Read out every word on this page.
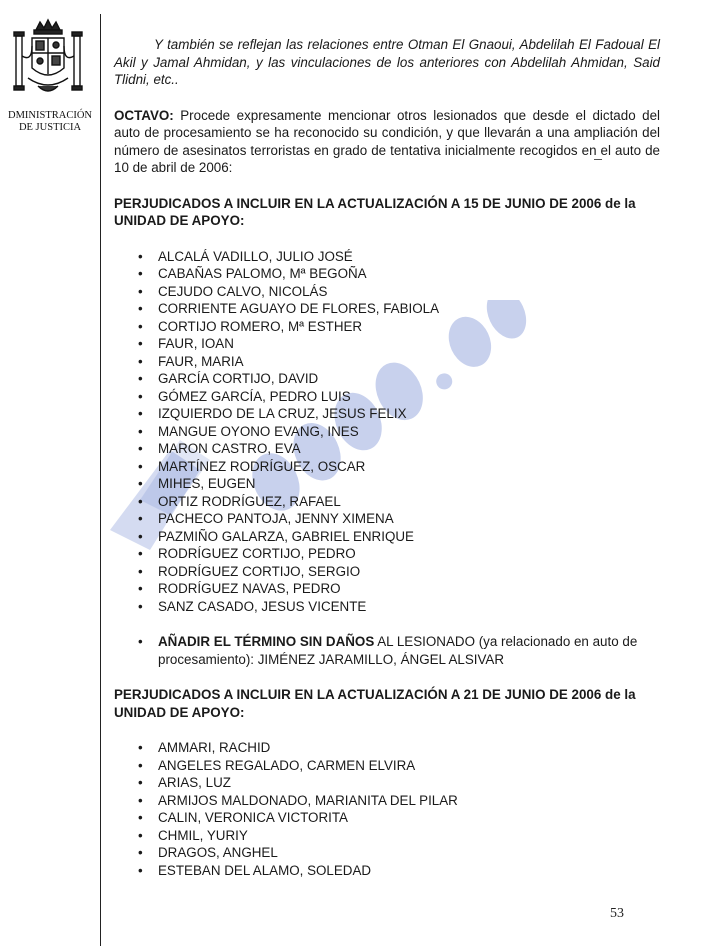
DMINISTRACIÓN
DE JUSTICIA

Y también se reflejan las relaciones entre Otman El Gnaoui, Abdelilah El Fadoual El Akil y Jamal Ahmidan, y las vinculaciones de los anteriores con Abdelilah Ahmidan, Said Tlidni, etc..

OCTAVO: Procede expresamente mencionar otros lesionados que desde el dictado del auto de procesamiento se ha reconocido su condición, y que llevarán a una ampliación del número de asesinatos terroristas en grado de tentativa inicialmente recogidos en el auto de 10 de abril de 2006:

PERJUDICADOS A INCLUIR EN LA ACTUALIZACIÓN A 15 DE JUNIO DE 2006 de la UNIDAD DE APOYO:

• ALCALÁ VADILLO, JULIO JOSÉ
• CABAÑAS PALOMO, Mª BEGOÑA
• CEJUDO CALVO, NICOLÁS
• CORRIENTE AGUAYO DE FLORES, FABIOLA
• CORTIJO ROMERO, Mª ESTHER
• FAUR, IOAN
• FAUR, MARIA
• GARCÍA CORTIJO, DAVID
• GÓMEZ GARCÍA, PEDRO LUIS
• IZQUIERDO DE LA CRUZ, JESUS FELIX
• MANGUE OYONO EVANG, INES
• MARON CASTRO, EVA
• MARTÍNEZ RODRÍGUEZ, OSCAR
• MIHES, EUGEN
• ORTIZ RODRÍGUEZ, RAFAEL
• PACHECO PANTOJA, JENNY XIMENA
• PAZMIÑO GALARZA, GABRIEL ENRIQUE
• RODRÍGUEZ CORTIJO, PEDRO
• RODRÍGUEZ CORTIJO, SERGIO
• RODRÍGUEZ NAVAS, PEDRO
• SANZ CASADO, JESUS VICENTE

• AÑADIR EL TÉRMINO SIN DAÑOS AL LESIONADO (ya relacionado en auto de procesamiento): JIMÉNEZ JARAMILLO, ÁNGEL ALSIVAR

PERJUDICADOS A INCLUIR EN LA ACTUALIZACIÓN A 21 DE JUNIO DE 2006 de la UNIDAD DE APOYO:

• AMMARI, RACHID
• ANGELES REGALADO, CARMEN ELVIRA
• ARIAS, LUZ
• ARMIJOS MALDONADO, MARIANITA DEL PILAR
• CALIN, VERONICA VICTORITA
• CHMIL, YURIY
• DRAGOS, ANGHEL
• ESTEBAN DEL ALAMO, SOLEDAD
53
